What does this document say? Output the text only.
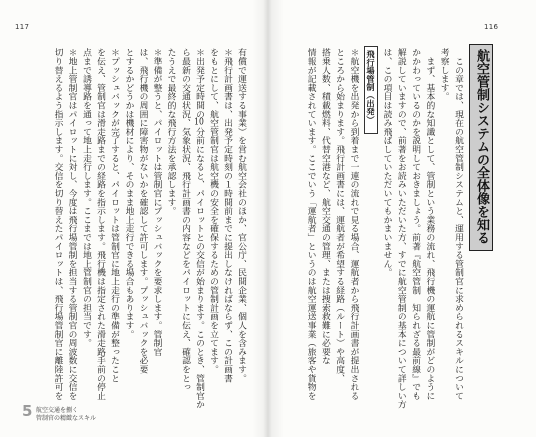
117
5 航空交通を捌く
管制官の精緻なスキル
116
航空管制システムの全体像を知る
飛行場管制（出発）	　この章では、現在の航空管制システムと、運用する管制官に求められるスキルについて
考察します。
　まず、基本的な知識として、管制という業務の流れ、飛行機の運航に管制がどのように
かかわっているのかを説明しておきましょう。前著『航空管制　知られざる最前線』でも
解説していますので、前著をお読みいただいた方、すでに航空管制の基本について詳しい方
は、この項目は読み飛ばしていただいてもかまいません。
＊航空機を出発から到着まで一連の流れで見る場合、運航者から飛行計画書が提出される
ところから始まります。飛行計画書には、運航者が希望する経路（ルート）や高度、
搭乗人数、積載燃料、代替空港など、航空交通の管理、または捜索救難に必要な
情報が記載されています。ここでいう「運航者」というのは航空運送事業（旅客や貨物を
有償で運送する事業）を営む航空会社のほか、官公庁、民間企業、個人を含みます。
＊飛行計画書は、出発予定時刻の１時間前までに提出しなければならず、この計画書
をもとにして、航空管制官は航空機の安全を確保するための管制計画を立てます。
＊出発予定時間の10分前になると、パイロットとの交信が始まります。このとき、管制官か
ら最新の交通状況、気象状況、飛行計画書の内容などをパイロットに伝え、確認をとっ
たうえで最終的な飛行方法を承認します。
＊準備が整うと、パイロットは管制官にプッシュバックを要求します。管制官
は、飛行機の周囲に障害物がないかを確認して許可します。プッシュバックを必要
とするかどうかは機材により、そのまま地上走行できる場合もあります。
＊プッシュバックが完了すると、パイロットは管制官に地上走行の準備が整ったこと
を伝え、管制官は滑走路までの経路を指示します。飛行機は指定された滑走路手前の停止
点まで誘導路を通って地上走行します。ここまでは地上管制官の担当です。
＊地上管制官はパイロットに対し、今度は飛行場管制を担当する管制官の周波数に交信を
切り替えるよう指示します。交信を切り替えたパイロットは、飛行場管制官に離陸許可を
